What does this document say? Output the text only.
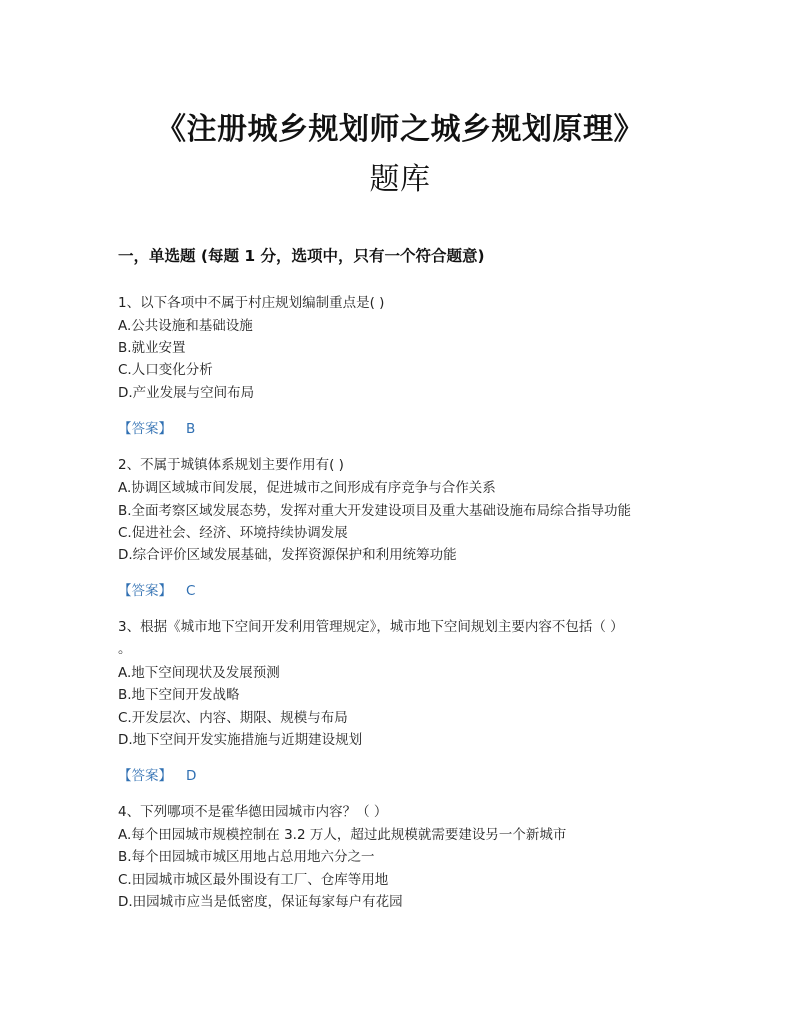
《注册城乡规划师之城乡规划原理》
题库
一，单选题 (每题 1 分，选项中，只有一个符合题意)
1、以下各项中不属于村庄规划编制重点是( )
A.公共设施和基础设施
B.就业安置
C.人口变化分析
D.产业发展与空间布局
【答案】 B
2、不属于城镇体系规划主要作用有( )
A.协调区域城市间发展，促进城市之间形成有序竞争与合作关系
B.全面考察区域发展态势，发挥对重大开发建设项目及重大基础设施布局综合指导功能
C.促进社会、经济、环境持续协调发展
D.综合评价区域发展基础，发挥资源保护和利用统筹功能
【答案】 C
3、根据《城市地下空间开发利用管理规定》，城市地下空间规划主要内容不包括（ ）
。
A.地下空间现状及发展预测
B.地下空间开发战略
C.开发层次、内容、期限、规模与布局
D.地下空间开发实施措施与近期建设规划
【答案】 D
4、下列哪项不是霍华德田园城市内容？（ ）
A.每个田园城市规模控制在 3.2 万人，超过此规模就需要建设另一个新城市
B.每个田园城市城区用地占总用地六分之一
C.田园城市城区最外围设有工厂、仓库等用地
D.田园城市应当是低密度，保证每家每户有花园
